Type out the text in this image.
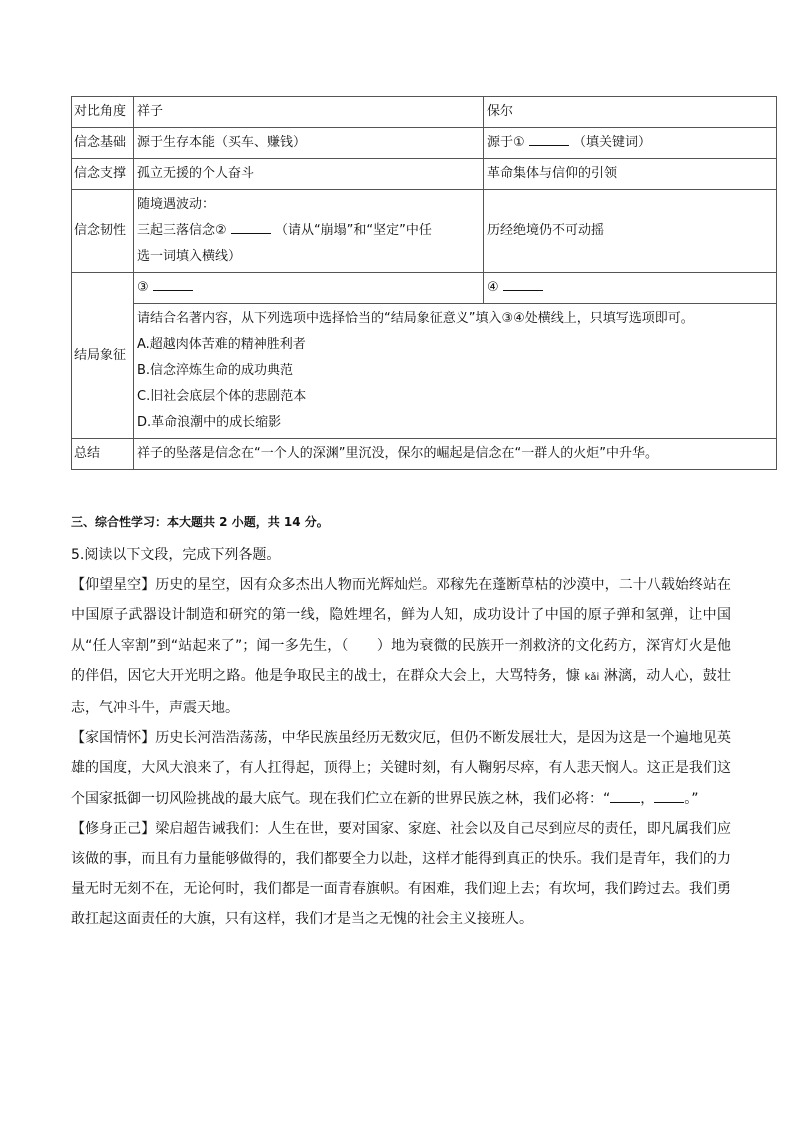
对比角度	祥子	保尔
信念基础	源于生存本能（买车、赚钱）	源于① （填关键词）
信念支撑	孤立无援的个人奋斗	革命集体与信仰的引领
信念韧性	随境遇波动：
三起三落信念② （请从“崩塌”和“坚定”中任
选一词填入横线）	历经绝境仍不可动摇
结局象征	③	④

	请结合名著内容，从下列选项中选择恰当的“结局象征意义”填入③④处横线上，只填写选项即可。
A.超越肉体苦难的精神胜利者
B.信念淬炼生命的成功典范
C.旧社会底层个体的悲剧范本
D.革命浪潮中的成长缩影	

总结	祥子的坠落是信念在“一个人的深渊”里沉没，保尔的崛起是信念在“一群人的火炬”中升华。	
三、综合性学习：本大题共 2 小题，共 14 分。

5.阅读以下文段，完成下列各题。

【仰望星空】历史的星空，因有众多杰出人物而光辉灿烂。邓稼先在蓬断草枯的沙漠中，二十八载始终站在中国原子武器设计制造和研究的第一线，隐姓埋名，鲜为人知，成功设计了中国的原子弹和氢弹，让中国从“任人宰割”到“站起来了”；闻一多先生，（　　）地为衰微的民族开一剂救济的文化药方，深宵灯火是他的伴侣，因它大开光明之路。他是争取民主的战士，在群众大会上，大骂特务，慷 kǎi 淋漓，动人心，鼓壮志，气冲斗牛，声震天地。

【家国情怀】历史长河浩浩荡荡，中华民族虽经历无数灾厄，但仍不断发展壮大，是因为这是一个遍地见英雄的国度，大风大浪来了，有人扛得起，顶得上；关键时刻，有人鞠躬尽瘁，有人悲天悯人。这正是我们这个国家抵御一切风险挑战的最大底气。现在我们伫立在新的世界民族之林，我们必将：“ ， 。”

【修身正己】梁启超告诫我们：人生在世，要对国家、家庭、社会以及自己尽到应尽的责任，即凡属我们应该做的事，而且有力量能够做得的，我们都要全力以赴，这样才能得到真正的快乐。我们是青年，我们的力量无时无刻不在，无论何时，我们都是一面青春旗帜。有困难，我们迎上去；有坎坷，我们跨过去。我们勇敢扛起这面责任的大旗，只有这样，我们才是当之无愧的社会主义接班人。
